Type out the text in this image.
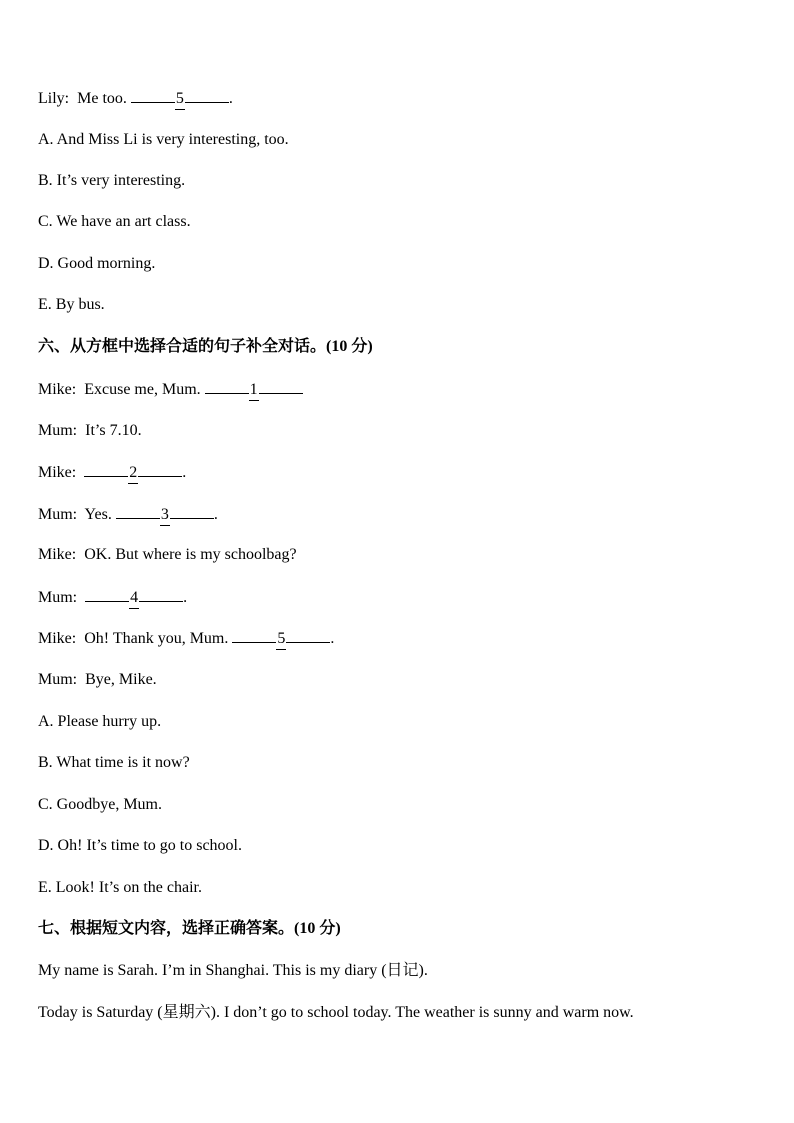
Lily: Me too.	5	.
A. And Miss Li is very interesting, too.
B. It’s very interesting.
C. We have an art class.
D. Good morning.
E. By bus.
六、从方框中选择合适的句子补全对话。(10 分)
Mike: Excuse me, Mum.	1
Mum: It’s 7.10.
Mike:	2	.
Mum: Yes.	3	.
Mike: OK. But where is my schoolbag?
Mum:	4	.
Mike: Oh! Thank you, Mum.	5	.
Mum: Bye, Mike.
A. Please hurry up.
B. What time is it now?
C. Goodbye, Mum.
D. Oh! It’s time to go to school.
E. Look! It’s on the chair.
七、根据短文内容，选择正确答案。(10 分)
My name is Sarah. I’m in Shanghai. This is my diary (日记).
Today is Saturday (星期六). I don’t go to school today. The weather is sunny and warm now.
